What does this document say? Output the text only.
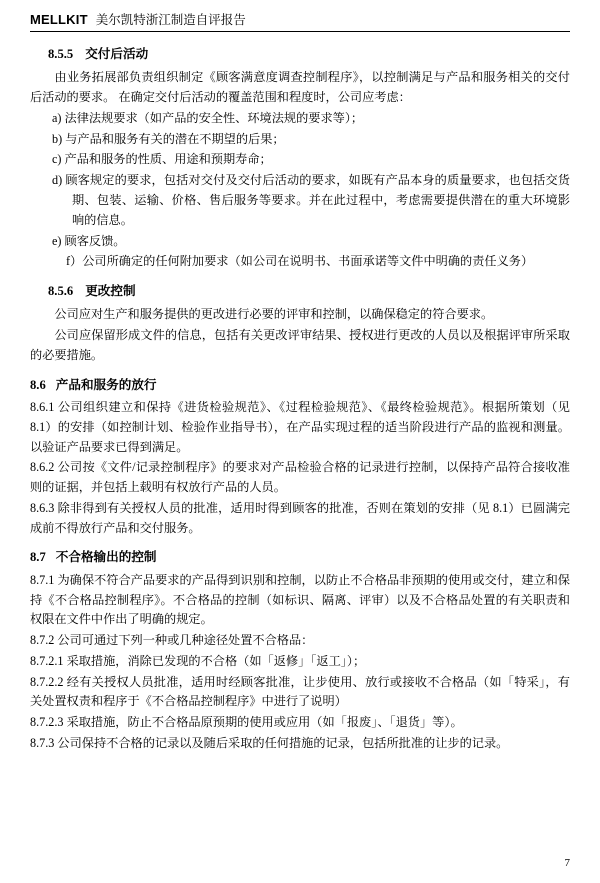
MELLKIT 美尔凯特浙江制造自评报告
8.5.5 交付后活动

由业务拓展部负责组织制定《顾客满意度调查控制程序》，以控制满足与产品和服务相关的交付后活动的要求。 在确定交付后活动的覆盖范围和程度时，公司应考虑：

a) 法律法规要求（如产品的安全性、环境法规的要求等）；

b) 与产品和服务有关的潜在不期望的后果；

c) 产品和服务的性质、用途和预期寿命；

d) 顾客规定的要求，包括对交付及交付后活动的要求，如既有产品本身的质量要求，也包括交货期、包装、运输、价格、售后服务等要求。并在此过程中，考虑需要提供潜在的重大环境影响的信息。

e) 顾客反馈。

f）公司所确定的任何附加要求（如公司在说明书、书面承诺等文件中明确的责任义务）

8.5.6 更改控制

公司应对生产和服务提供的更改进行必要的评审和控制，以确保稳定的符合要求。

公司应保留形成文件的信息，包括有关更改评审结果、授权进行更改的人员以及根据评审所采取的必要措施。

8.6 产品和服务的放行

8.6.1 公司组织建立和保持《进货检验规范》、《过程检验规范》、《最终检验规范》。根据所策划（见 8.1）的安排（如控制计划、检验作业指导书），在产品实现过程的适当阶段进行产品的监视和测量。以验证产品要求已得到满足。

8.6.2 公司按《文件/记录控制程序》的要求对产品检验合格的记录进行控制，以保持产品符合接收准则的证据，并包括上载明有权放行产品的人员。

8.6.3 除非得到有关授权人员的批准，适用时得到顾客的批准，否则在策划的安排（见 8.1）已圆满完成前不得放行产品和交付服务。

8.7 不合格输出的控制

8.7.1 为确保不符合产品要求的产品得到识别和控制，以防止不合格品非预期的使用或交付，建立和保持《不合格品控制程序》。不合格品的控制（如标识、隔离、评审）以及不合格品处置的有关职责和权限在文件中作出了明确的规定。

8.7.2 公司可通过下列一种或几种途径处置不合格品：

8.7.2.1 采取措施，消除已发现的不合格（如「返修」「返工」）；

8.7.2.2 经有关授权人员批准，适用时经顾客批准，让步使用、放行或接收不合格品（如「特采」，有关处置权责和程序于《不合格品控制程序》中进行了说明）

8.7.2.3 采取措施，防止不合格品原预期的使用或应用（如「报废」、「退货」等）。

8.7.3 公司保持不合格的记录以及随后采取的任何措施的记录，包括所批准的让步的记录。

7
